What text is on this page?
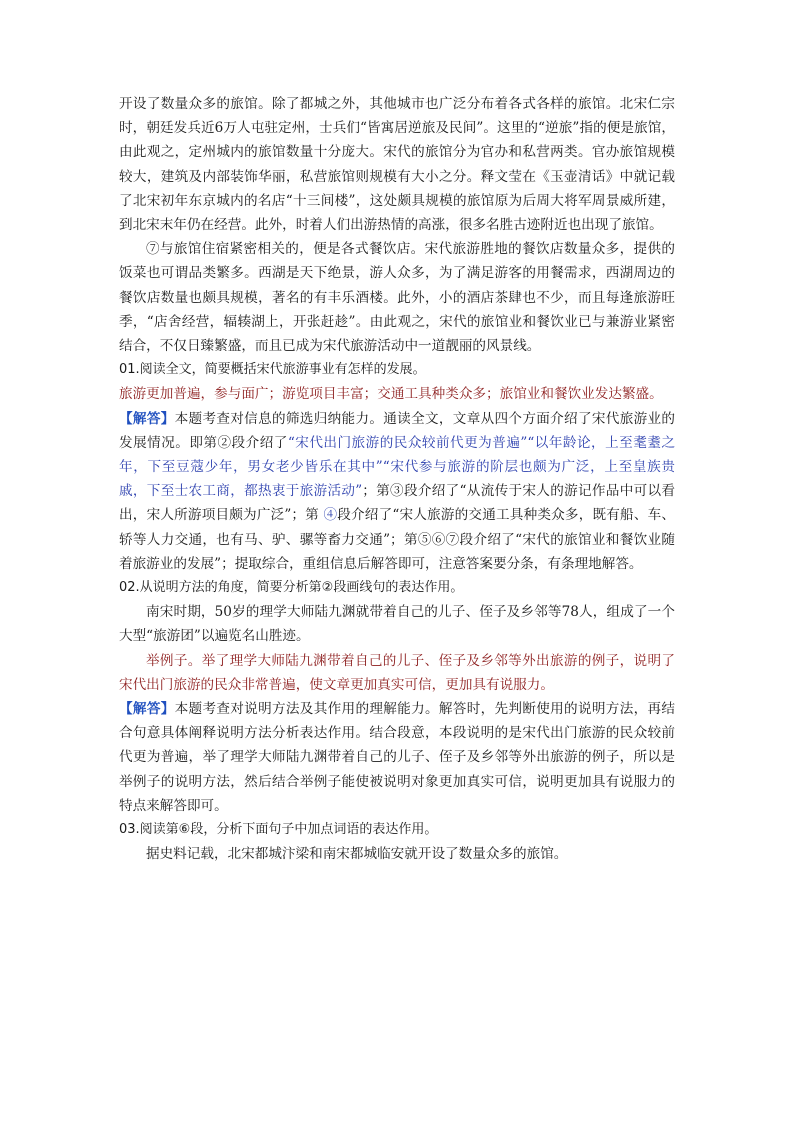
开设了数量众多的旅馆。除了都城之外，其他城市也广泛分布着各式各样的旅馆。北宋仁宗时，朝廷发兵近6万人屯驻定州，士兵们“皆寓居逆旅及民间”。这里的“逆旅”指的便是旅馆，由此观之，定州城内的旅馆数量十分庞大。宋代的旅馆分为官办和私营两类。官办旅馆规模较大，建筑及内部装饰华丽，私营旅馆则规模有大小之分。释文莹在《玉壶清话》中就记载了北宋初年东京城内的名店“十三间楼”，这处颇具规模的旅馆原为后周大将军周景威所建，到北宋末年仍在经营。此外，时着人们出游热情的高涨，很多名胜古迹附近也出现了旅馆。

⑦与旅馆住宿紧密相关的，便是各式餐饮店。宋代旅游胜地的餐饮店数量众多，提供的饭菜也可谓品类繁多。西湖是天下绝景，游人众多，为了满足游客的用餐需求，西湖周边的餐饮店数量也颇具规模，著名的有丰乐酒楼。此外，小的酒店茶肆也不少，而且每逢旅游旺季，“店舍经营，辐辏湖上，开张赶趁”。由此观之，宋代的旅馆业和餐饮业已与兼游业紧密结合，不仅日臻繁盛，而且已成为宋代旅游活动中一道靓丽的风景线。

01.阅读全文，简要概括宋代旅游事业有怎样的发展。

旅游更加普遍，参与面广；游览项目丰富；交通工具种类众多；旅馆业和餐饮业发达繁盛。

【解答】本题考查对信息的筛选归纳能力。通读全文，文章从四个方面介绍了宋代旅游业的发展情况。即第②段介绍了“宋代出门旅游的民众较前代更为普遍”“以年龄论，上至耄耋之年，下至豆蔻少年，男女老少皆乐在其中”“宋代参与旅游的阶层也颇为广泛，上至皇族贵戚，下至士农工商，都热衷于旅游活动”；第③段介绍了“从流传于宋人的游记作品中可以看出，宋人所游项目颇为广泛”；第 ④段介绍了“宋人旅游的交通工具种类众多，既有船、车、轿等人力交通，也有马、驴、骡等畜力交通”；第⑤⑥⑦段介绍了“宋代的旅馆业和餐饮业随着旅游业的发展”；提取综合，重组信息后解答即可，注意答案要分条，有条理地解答。

02.从说明方法的角度，简要分析第②段画线句的表达作用。

南宋时期，50岁的理学大师陆九渊就带着自己的儿子、侄子及乡邻等78人，组成了一个大型“旅游团”以遍览名山胜迹。

举例子。举了理学大师陆九渊带着自己的儿子、侄子及乡邻等外出旅游的例子，说明了宋代出门旅游的民众非常普遍，使文章更加真实可信，更加具有说服力。

【解答】本题考查对说明方法及其作用的理解能力。解答时，先判断使用的说明方法，再结合句意具体阐释说明方法分析表达作用。结合段意，本段说明的是宋代出门旅游的民众较前代更为普遍，举了理学大师陆九渊带着自己的儿子、侄子及乡邻等外出旅游的例子，所以是举例子的说明方法，然后结合举例子能使被说明对象更加真实可信，说明更加具有说服力的特点来解答即可。

03.阅读第⑥段，分析下面句子中加点词语的表达作用。

据史料记载，北宋都城汴梁和南宋都城临安就开设了数量众多的旅馆。
